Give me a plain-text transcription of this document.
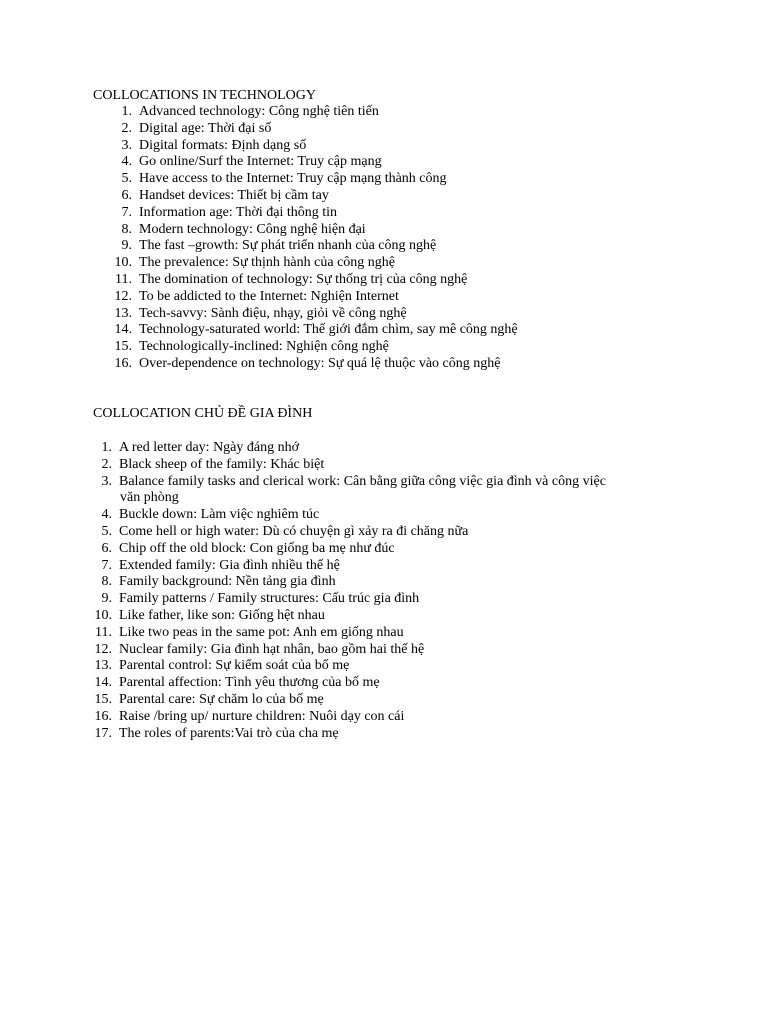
COLLOCATIONS IN TECHNOLOGY
1. Advanced technology: Công nghệ tiên tiến
2. Digital age: Thời đại số
3. Digital formats: Định dạng số
4. Go online/Surf the Internet: Truy cập mạng
5. Have access to the Internet: Truy cập mạng thành công
6. Handset devices: Thiết bị cầm tay
7. Information age: Thời đại thông tin
8. Modern technology: Công nghệ hiện đại
9. The fast –growth: Sự phát triển nhanh của công nghệ
10. The prevalence: Sự thịnh hành của công nghệ
11. The domination of technology: Sự thống trị của công nghệ
12. To be addicted to the Internet: Nghiện Internet
13. Tech-savvy: Sành điệu, nhạy, giỏi về công nghệ
14. Technology-saturated world: Thế giới đắm chìm, say mê công nghệ
15. Technologically-inclined: Nghiện công nghệ
16. Over-dependence on technology: Sự quá lệ thuộc vào công nghệ
COLLOCATION CHỦ ĐỀ GIA ĐÌNH
1. A red letter day: Ngày đáng nhớ
2. Black sheep of the family: Khác biệt
3. Balance family tasks and clerical work: Cân bằng giữa công việc gia đình và công việc
văn phòng
4. Buckle down: Làm việc nghiêm túc
5. Come hell or high water: Dù có chuyện gì xảy ra đi chăng nữa
6. Chip off the old block: Con giống ba mẹ như đúc
7. Extended family: Gia đình nhiều thế hệ
8. Family background: Nền tảng gia đình
9. Family patterns / Family structures: Cấu trúc gia đình
10. Like father, like son: Giống hệt nhau
11. Like two peas in the same pot: Anh em giống nhau
12. Nuclear family: Gia đình hạt nhân, bao gồm hai thế hệ
13. Parental control: Sự kiểm soát của bố mẹ
14. Parental affection: Tình yêu thương của bố mẹ
15. Parental care: Sự chăm lo của bố mẹ
16. Raise /bring up/ nurture children: Nuôi dạy con cái
17. The roles of parents:Vai trò của cha mẹ
